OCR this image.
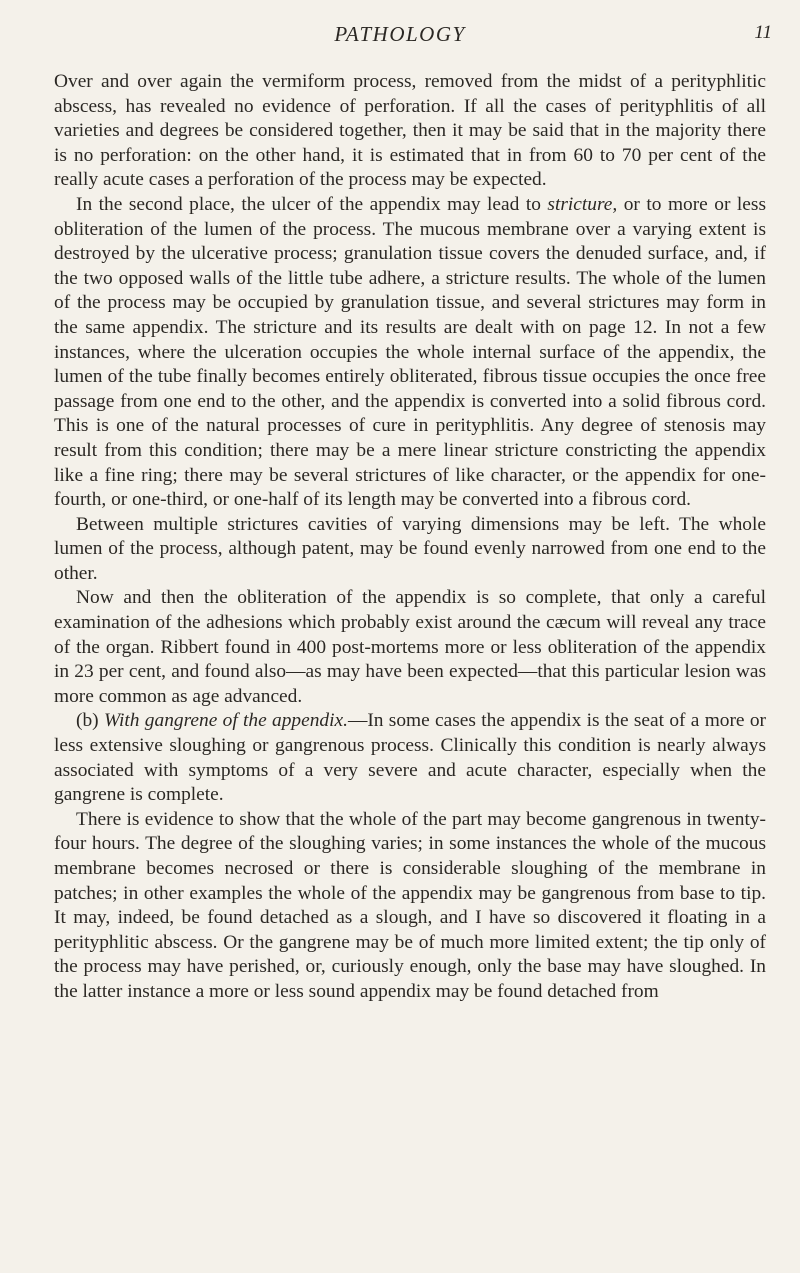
PATHOLOGY	11

Over and over again the vermiform process, removed from the midst of a perityphlitic abscess, has revealed no evidence of perforation. If all the cases of perityphlitis of all varieties and degrees be considered together, then it may be said that in the majority there is no perforation: on the other hand, it is estimated that in from 60 to 70 per cent of the really acute cases a perforation of the process may be expected.

In the second place, the ulcer of the appendix may lead to stricture, or to more or less obliteration of the lumen of the process. The mucous membrane over a varying extent is destroyed by the ulcerative process; granulation tissue covers the denuded surface, and, if the two opposed walls of the little tube adhere, a stricture results. The whole of the lumen of the process may be occupied by granulation tissue, and several strictures may form in the same appendix. The stricture and its results are dealt with on page 12. In not a few instances, where the ulceration occupies the whole internal surface of the appendix, the lumen of the tube finally becomes entirely obliterated, fibrous tissue occupies the once free passage from one end to the other, and the appendix is converted into a solid fibrous cord. This is one of the natural processes of cure in perityphlitis. Any degree of stenosis may result from this condition; there may be a mere linear stricture constricting the appendix like a fine ring; there may be several strictures of like character, or the appendix for one-fourth, or one-third, or one-half of its length may be converted into a fibrous cord.

Between multiple strictures cavities of varying dimensions may be left. The whole lumen of the process, although patent, may be found evenly narrowed from one end to the other.

Now and then the obliteration of the appendix is so complete, that only a careful examination of the adhesions which probably exist around the cæcum will reveal any trace of the organ. Ribbert found in 400 post-mortems more or less obliteration of the appendix in 23 per cent, and found also—as may have been expected—that this particular lesion was more common as age advanced.

(b) With gangrene of the appendix.—In some cases the appendix is the seat of a more or less extensive sloughing or gangrenous process. Clinically this condition is nearly always associated with symptoms of a very severe and acute character, especially when the gangrene is complete.

There is evidence to show that the whole of the part may become gangrenous in twenty-four hours. The degree of the sloughing varies; in some instances the whole of the mucous membrane becomes necrosed or there is considerable sloughing of the membrane in patches; in other examples the whole of the appendix may be gangrenous from base to tip. It may, indeed, be found detached as a slough, and I have so discovered it floating in a perityphlitic abscess. Or the gangrene may be of much more limited extent; the tip only of the process may have perished, or, curiously enough, only the base may have sloughed. In the latter instance a more or less sound appendix may be found detached from
